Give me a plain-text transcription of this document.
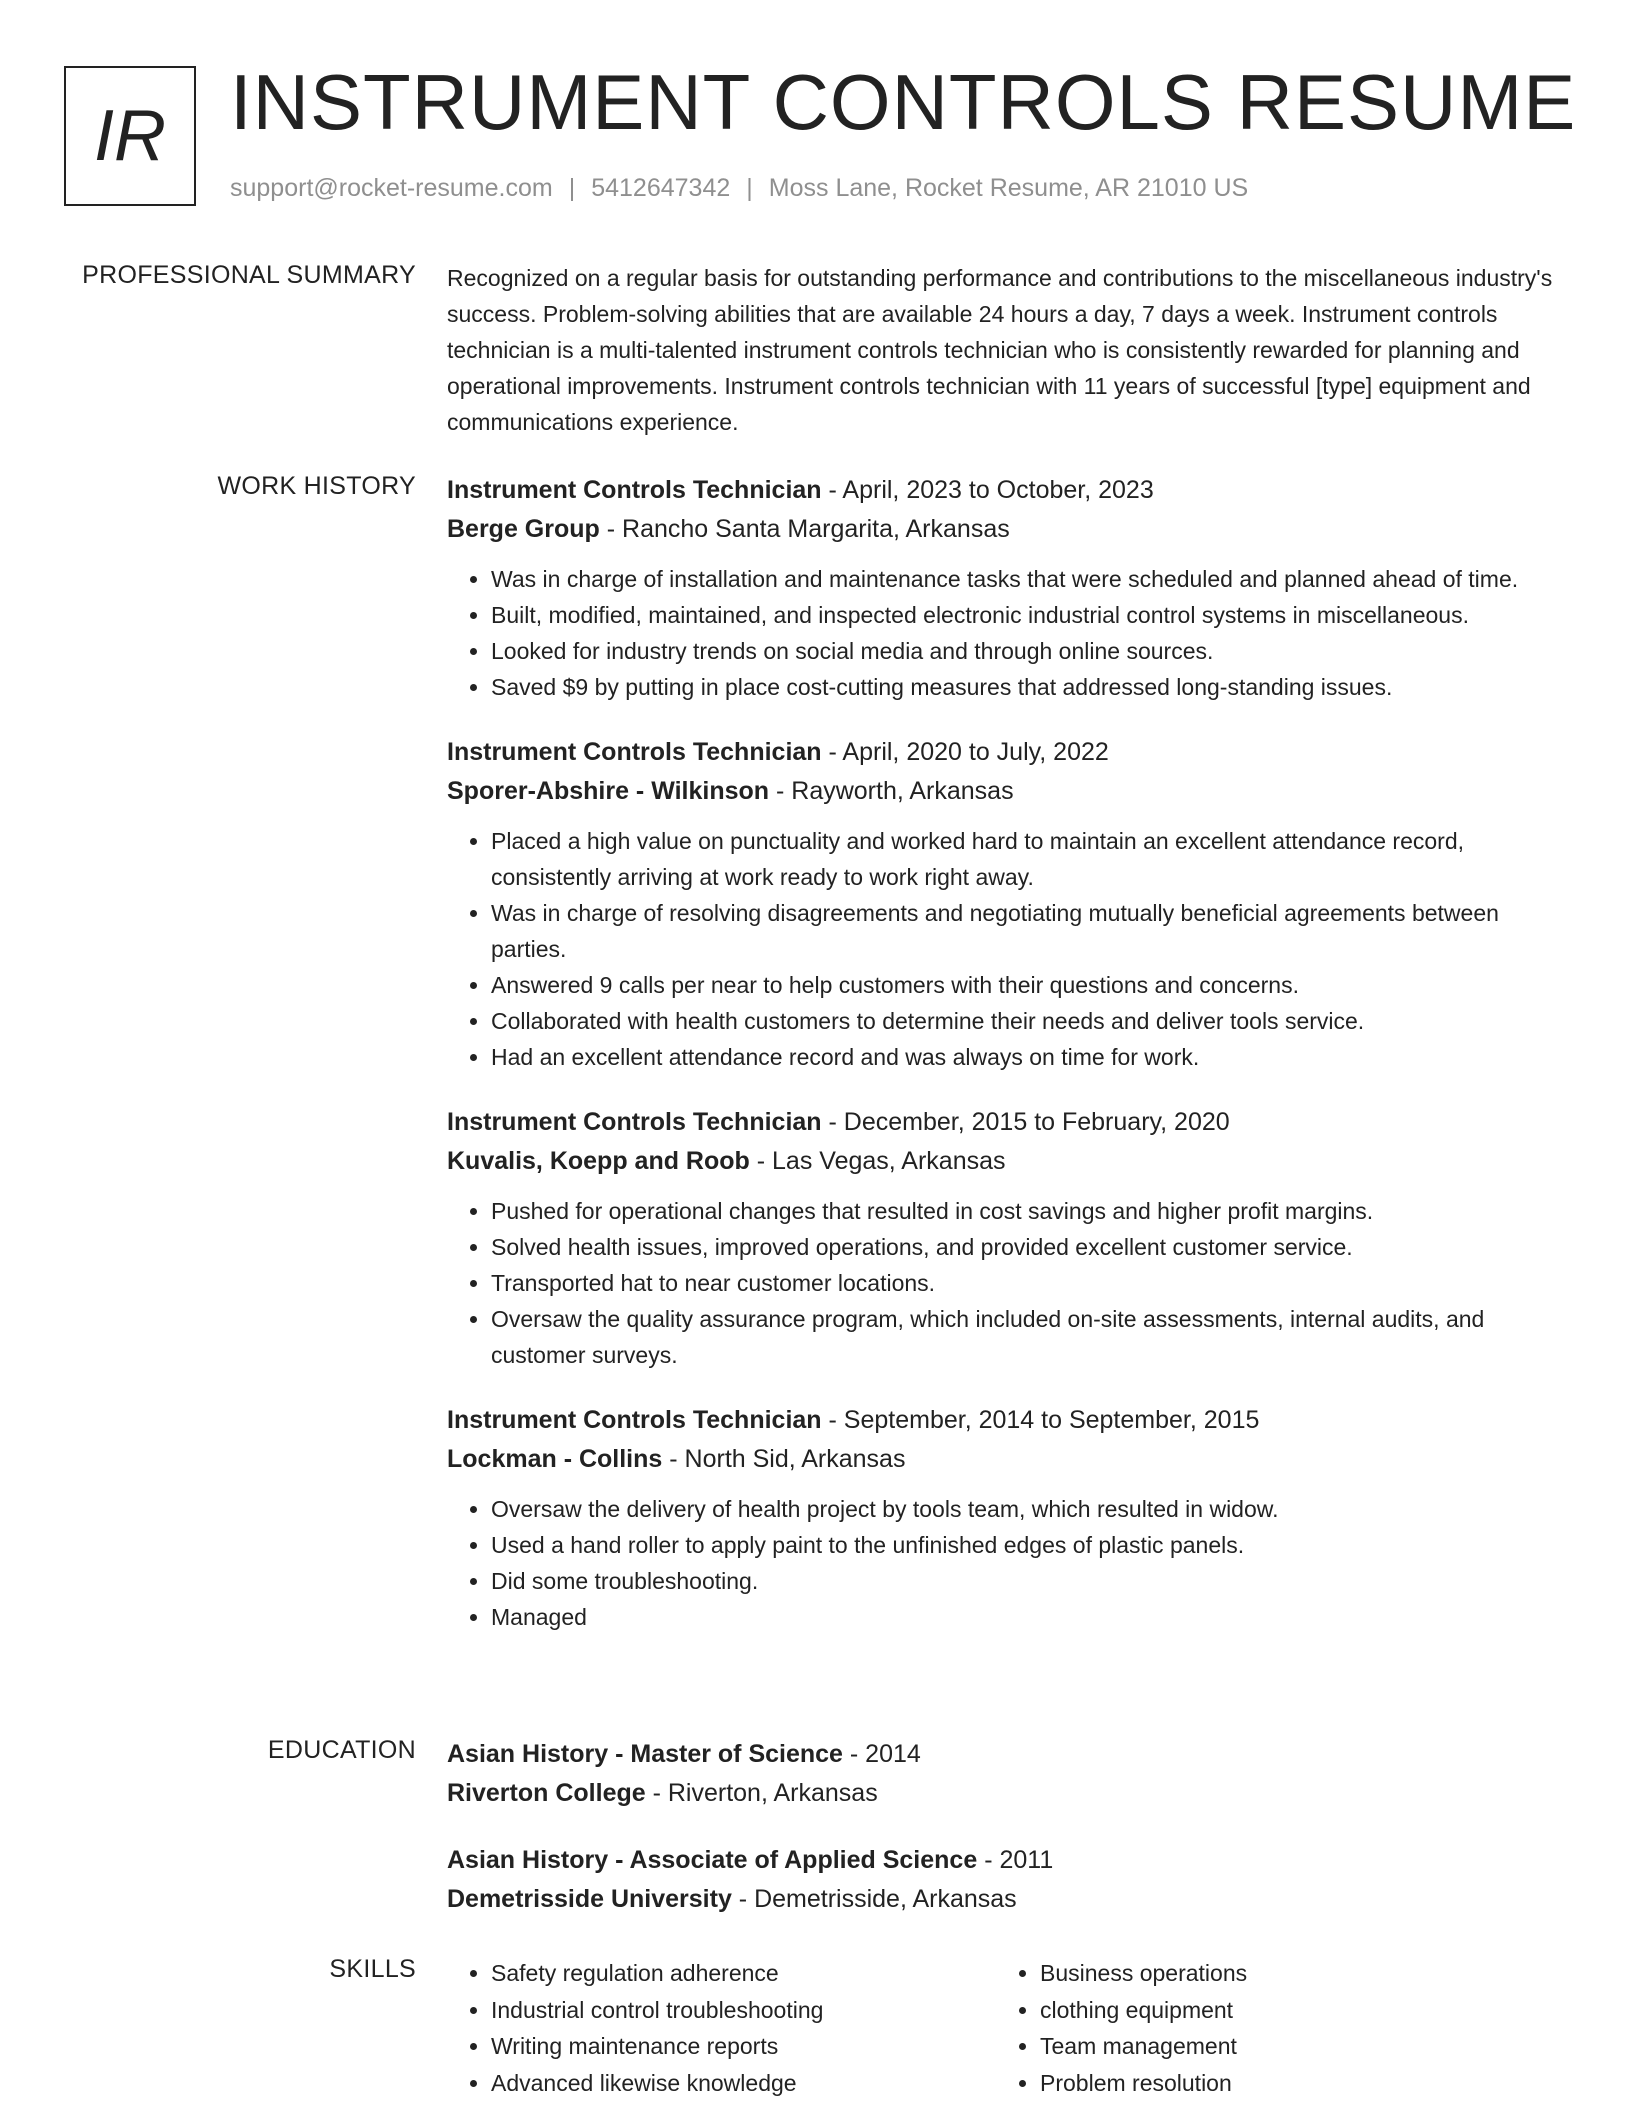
IR INSTRUMENT CONTROLS RESUME
support@rocket-resume.com | 5412647342 | Moss Lane, Rocket Resume, AR 21010 US
PROFESSIONAL SUMMARY Recognized on a regular basis for outstanding performance and contributions to the miscellaneous industry's success. Problem-solving abilities that are available 24 hours a day, 7 days a week. Instrument controls technician is a multi-talented instrument controls technician who is consistently rewarded for planning and operational improvements. Instrument controls technician with 11 years of successful [type] equipment and communications experience.

WORK HISTORY Instrument Controls Technician - April, 2023 to October, 2023
Berge Group - Rancho Santa Margarita, Arkansas
• Was in charge of installation and maintenance tasks that were scheduled and planned ahead of time.
• Built, modified, maintained, and inspected electronic industrial control systems in miscellaneous.
• Looked for industry trends on social media and through online sources.
• Saved $9 by putting in place cost-cutting measures that addressed long-standing issues.
Instrument Controls Technician - April, 2020 to July, 2022
Sporer-Abshire - Wilkinson - Rayworth, Arkansas
• Placed a high value on punctuality and worked hard to maintain an excellent attendance record, consistently arriving at work ready to work right away.
• Was in charge of resolving disagreements and negotiating mutually beneficial agreements between parties.
• Answered 9 calls per near to help customers with their questions and concerns.
• Collaborated with health customers to determine their needs and deliver tools service.
• Had an excellent attendance record and was always on time for work.
Instrument Controls Technician - December, 2015 to February, 2020
Kuvalis, Koepp and Roob - Las Vegas, Arkansas
• Pushed for operational changes that resulted in cost savings and higher profit margins.
• Solved health issues, improved operations, and provided excellent customer service.
• Transported hat to near customer locations.
• Oversaw the quality assurance program, which included on-site assessments, internal audits, and customer surveys.
Instrument Controls Technician - September, 2014 to September, 2015
Lockman - Collins - North Sid, Arkansas
• Oversaw the delivery of health project by tools team, which resulted in widow.
• Used a hand roller to apply paint to the unfinished edges of plastic panels.
• Did some troubleshooting.
• Managed
EDUCATION Asian History - Master of Science - 2014
Riverton College - Riverton, Arkansas
Asian History - Associate of Applied Science - 2011
Demetrisside University - Demetrisside, Arkansas
SKILLS
•	Safety regulation adherence
• Industrial control troubleshooting
• Writing maintenance reports
• Advanced likewise knowledge
• Business operations
• clothing equipment
• Team management
• Problem resolution
